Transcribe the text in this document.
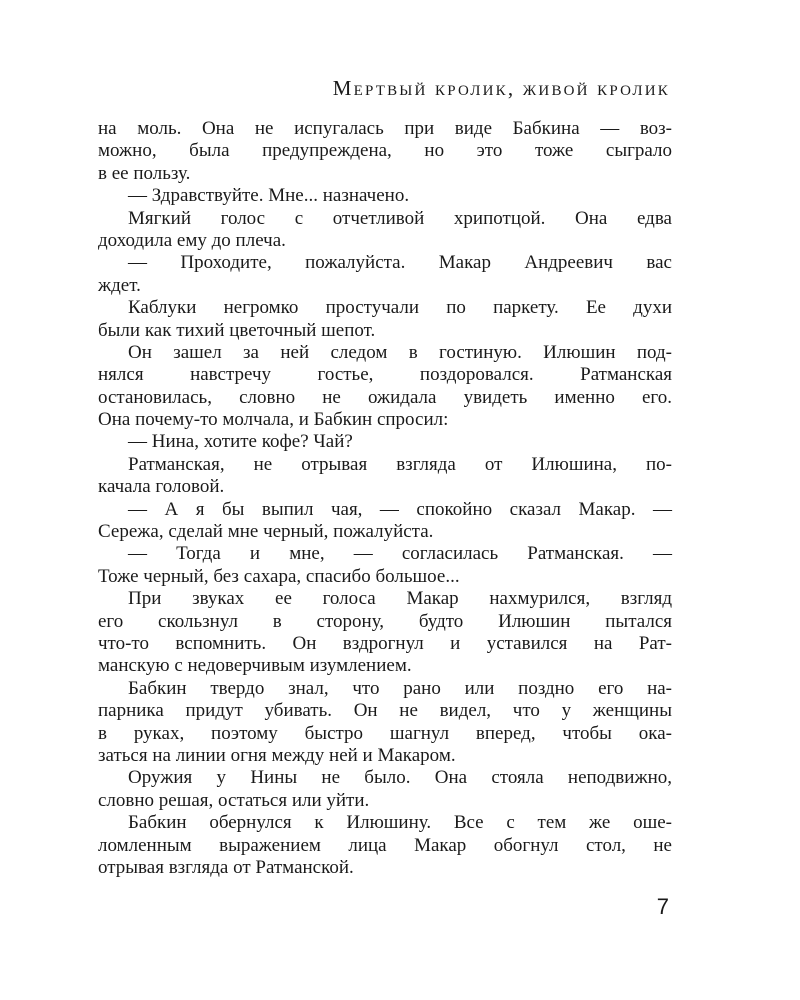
Мертвый кролик, живой кролик
на моль. Она не испугалась при виде Бабкина — воз-
можно, была предупреждена, но это тоже сыграло
в ее пользу.
— Здравствуйте. Мне... назначено.
Мягкий голос с отчетливой хрипотцой. Она едва
доходила ему до плеча.
— Проходите, пожалуйста. Макар Андреевич вас
ждет.
Каблуки негромко простучали по паркету. Ее духи
были как тихий цветочный шепот.
Он зашел за ней следом в гостиную. Илюшин под-
нялся навстречу гостье, поздоровался. Ратманская
остановилась, словно не ожидала увидеть именно его.
Она почему-то молчала, и Бабкин спросил:
— Нина, хотите кофе? Чай?
Ратманская, не отрывая взгляда от Илюшина, по-
качала головой.
— А я бы выпил чая, — спокойно сказал Макар. —
Сережа, сделай мне черный, пожалуйста.
— Тогда и мне, — согласилась Ратманская. —
Тоже черный, без сахара, спасибо большое...
При звуках ее голоса Макар нахмурился, взгляд
его скользнул в сторону, будто Илюшин пытался
что-то вспомнить. Он вздрогнул и уставился на Рат-
манскую с недоверчивым изумлением.
Бабкин твердо знал, что рано или поздно его на-
парника придут убивать. Он не видел, что у женщины
в руках, поэтому быстро шагнул вперед, чтобы ока-
заться на линии огня между ней и Макаром.
Оружия у Нины не было. Она стояла неподвижно,
словно решая, остаться или уйти.
Бабкин обернулся к Илюшину. Все с тем же оше-
ломленным выражением лица Макар обогнул стол, не
отрывая взгляда от Ратманской.
7
